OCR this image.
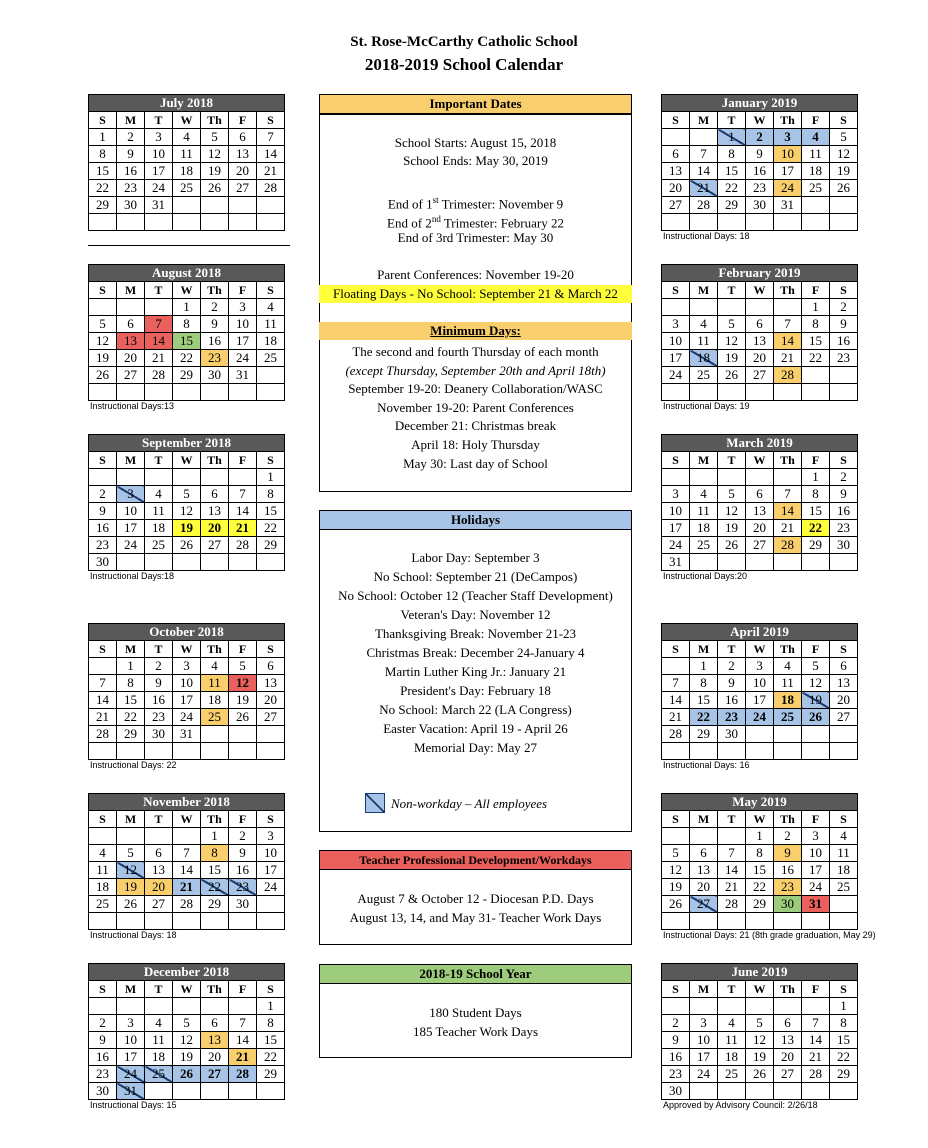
St. Rose-McCarthy Catholic School
2018-2019 School Calendar
July 2018						
S	M	T	W	Th	F	S
1	2	3	4	5	6	7
8	9	10	11	12	13	14
15	16	17	18	19	20	21
22	23	24	25	26	27	28
29	30	31				

August 2018						
S	M	T	W	Th	F	S
			1	2	3	4
5	6	7	8	9	10	11
12	13	14	15	16	17	18
19	20	21	22	23	24	25
26	27	28	29	30	31	

Instructional Days:13
September 2018						
S	M	T	W	Th	F	S
						1
2	3	4	5	6	7	8
9	10	11	12	13	14	15
16	17	18	19	20	21	22
23	24	25	26	27	28	29
30						
Instructional Days:18
October 2018						
S	M	T	W	Th	F	S
	1	2	3	4	5	6
7	8	9	10	11	12	13
14	15	16	17	18	19	20
21	22	23	24	25	26	27
28	29	30	31			

Instructional Days: 22
November 2018						
S	M	T	W	Th	F	S
				1	2	3
4	5	6	7	8	9	10
11	12	13	14	15	16	17
18	19	20	21	22	23	24
25	26	27	28	29	30	

Instructional Days: 18
December 2018						
S	M	T	W	Th	F	S
						1
2	3	4	5	6	7	8
9	10	11	12	13	14	15
16	17	18	19	20	21	22
23	24	25	26	27	28	29
30	31					
Instructional Days: 15
January 2019						
S	M	T	W	Th	F	S
		1	2	3	4	5
6	7	8	9	10	11	12
13	14	15	16	17	18	19
20	21	22	23	24	25	26
27	28	29	30	31		

Instructional Days: 18
February 2019						
S	M	T	W	Th	F	S
					1	2
3	4	5	6	7	8	9
10	11	12	13	14	15	16
17	18	19	20	21	22	23
24	25	26	27	28		

Instructional Days: 19
March 2019						
S	M	T	W	Th	F	S
					1	2
3	4	5	6	7	8	9
10	11	12	13	14	15	16
17	18	19	20	21	22	23
24	25	26	27	28	29	30
31						
Instructional Days:20
April 2019						
S	M	T	W	Th	F	S
	1	2	3	4	5	6
7	8	9	10	11	12	13
14	15	16	17	18	19	20
21	22	23	24	25	26	27
28	29	30				

Instructional Days: 16
May 2019						
S	M	T	W	Th	F	S
			1	2	3	4
5	6	7	8	9	10	11
12	13	14	15	16	17	18
19	20	21	22	23	24	25
26	27	28	29	30	31	

Instructional Days: 21 (8th grade graduation, May 29)
June 2019						
S	M	T	W	Th	F	S
						1
2	3	4	5	6	7	8
9	10	11	12	13	14	15
16	17	18	19	20	21	22
23	24	25	26	27	28	29
30						
Approved by Advisory Council: 2/26/18
Important Dates
School Starts: August 15, 2018
School Ends: May 30, 2019
End of 1st Trimester: November 9
End of 2nd Trimester: February 22
End of 3rd Trimester: May 30
Parent Conferences: November 19-20
Floating Days - No School: September 21 & March 22
Minimum Days:
The second and fourth Thursday of each month
(except Thursday, September 20th and April 18th)
September 19-20: Deanery Collaboration/WASC
November 19-20: Parent Conferences
December 21: Christmas break
April 18: Holy Thursday
May 30: Last day of School
Holidays
Labor Day: September 3
No School: September 21 (DeCampos)
No School: October 12 (Teacher Staff Development)
Veteran's Day: November 12
Thanksgiving Break: November 21-23
Christmas Break: December 24-January 4
Martin Luther King Jr.: January 21
President's Day: February 18
No School: March 22 (LA Congress)
Easter Vacation: April 19 - April 26
Memorial Day: May 27
Non-workday – All employees
Teacher Professional Development/Workdays
August 7 & October 12 - Diocesan P.D. Days
August 13, 14, and May 31- Teacher Work Days
2018-19 School Year
180 Student Days
185 Teacher Work Days
